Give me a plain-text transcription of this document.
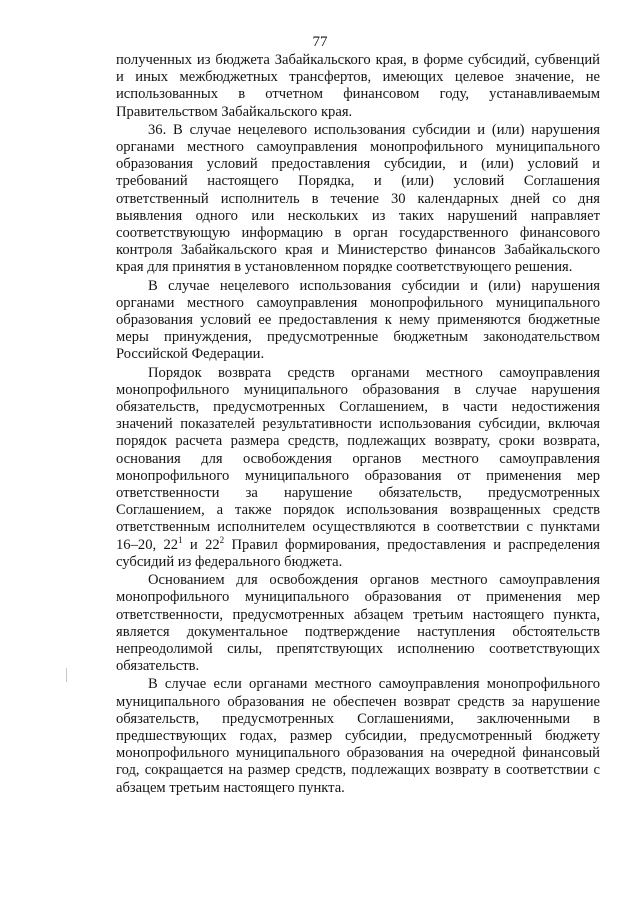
77

полученных из бюджета Забайкальского края, в форме субсидий, субвенций и иных межбюджетных трансфертов, имеющих целевое значение, не использованных в отчетном финансовом году, устанавливаемым Правительством Забайкальского края.

36. В случае нецелевого использования субсидии и (или) нарушения органами местного самоуправления монопрофильного муниципального образования условий предоставления субсидии, и (или) условий и требований настоящего Порядка, и (или) условий Соглашения ответственный исполнитель в течение 30 календарных дней со дня выявления одного или нескольких из таких нарушений направляет соответствующую информацию в орган государственного финансового контроля Забайкальского края и Министерство финансов Забайкальского края для принятия в установленном порядке соответствующего решения.

В случае нецелевого использования субсидии и (или) нарушения органами местного самоуправления монопрофильного муниципального образования условий ее предоставления к нему применяются бюджетные меры принуждения, предусмотренные бюджетным законодательством Российской Федерации.

Порядок возврата средств органами местного самоуправления монопрофильного муниципального образования в случае нарушения обязательств, предусмотренных Соглашением, в части недостижения значений показателей результативности использования субсидии, включая порядок расчета размера средств, подлежащих возврату, сроки возврата, основания для освобождения органов местного самоуправления монопрофильного муниципального образования от применения мер ответственности за нарушение обязательств, предусмотренных Соглашением, а также порядок использования возвращенных средств ответственным исполнителем осуществляются в соответствии с пунктами 16–20, $22^1$ и $22^2$ Правил формирования, предоставления и распределения субсидий из федерального бюджета.

Основанием для освобождения органов местного самоуправления монопрофильного муниципального образования от применения мер ответственности, предусмотренных абзацем третьим настоящего пункта, является документальное подтверждение наступления обстоятельств непреодолимой силы, препятствующих исполнению соответствующих обязательств.

В случае если органами местного самоуправления монопрофильного муниципального образования не обеспечен возврат средств за нарушение обязательств, предусмотренных Соглашениями, заключенными в предшествующих годах, размер субсидии, предусмотренный бюджету монопрофильного муниципального образования на очередной финансовый год, сокращается на размер средств, подлежащих возврату в соответствии с абзацем третьим настоящего пункта.
